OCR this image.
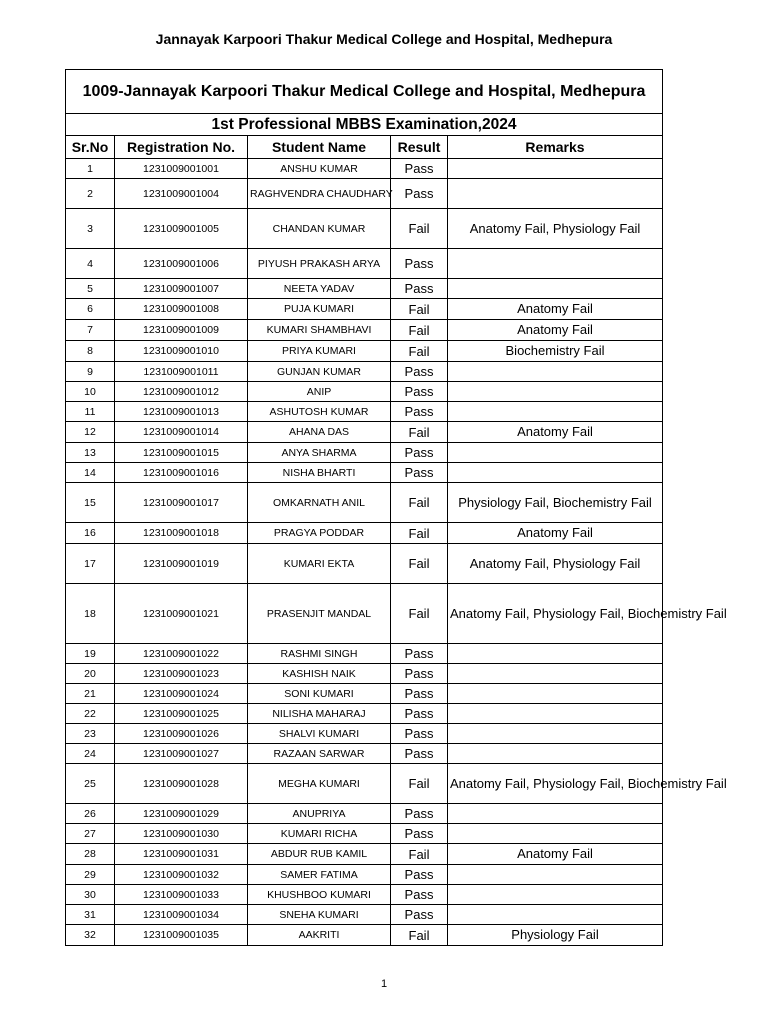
Jannayak Karpoori Thakur Medical College and Hospital, Medhepura
1009-Jannayak Karpoori Thakur Medical College and Hospital, Medhepura				
1st Professional MBBS Examination,2024				
Sr.No	Registration No.	Student Name	Result	Remarks
1	1231009001001	ANSHU KUMAR	Pass	
2	1231009001004	RAGHVENDRA CHAUDHARY	Pass	
3	1231009001005	CHANDAN KUMAR	Fail	Anatomy Fail, Physiology Fail
4	1231009001006	PIYUSH PRAKASH ARYA	Pass	
5	1231009001007	NEETA YADAV	Pass	
6	1231009001008	PUJA KUMARI	Fail	Anatomy Fail
7	1231009001009	KUMARI SHAMBHAVI	Fail	Anatomy Fail
8	1231009001010	PRIYA KUMARI	Fail	Biochemistry Fail
9	1231009001011	GUNJAN KUMAR	Pass	
10	1231009001012	ANIP	Pass	
11	1231009001013	ASHUTOSH KUMAR	Pass	
12	1231009001014	AHANA DAS	Fail	Anatomy Fail
13	1231009001015	ANYA SHARMA	Pass	
14	1231009001016	NISHA BHARTI	Pass	
15	1231009001017	OMKARNATH ANIL	Fail	Physiology Fail, Biochemistry Fail
16	1231009001018	PRAGYA PODDAR	Fail	Anatomy Fail
17	1231009001019	KUMARI EKTA	Fail	Anatomy Fail, Physiology Fail
18	1231009001021	PRASENJIT MANDAL	Fail	Anatomy Fail, Physiology Fail, Biochemistry Fail
19	1231009001022	RASHMI SINGH	Pass	
20	1231009001023	KASHISH NAIK	Pass	
21	1231009001024	SONI KUMARI	Pass	
22	1231009001025	NILISHA MAHARAJ	Pass	
23	1231009001026	SHALVI KUMARI	Pass	
24	1231009001027	RAZAAN SARWAR	Pass	
25	1231009001028	MEGHA KUMARI	Fail	Anatomy Fail, Physiology Fail, Biochemistry Fail
26	1231009001029	ANUPRIYA	Pass	
27	1231009001030	KUMARI RICHA	Pass	
28	1231009001031	ABDUR RUB KAMIL	Fail	Anatomy Fail
29	1231009001032	SAMER FATIMA	Pass	
30	1231009001033	KHUSHBOO KUMARI	Pass	
31	1231009001034	SNEHA KUMARI	Pass	
32	1231009001035	AAKRITI	Fail	Physiology Fail
1
